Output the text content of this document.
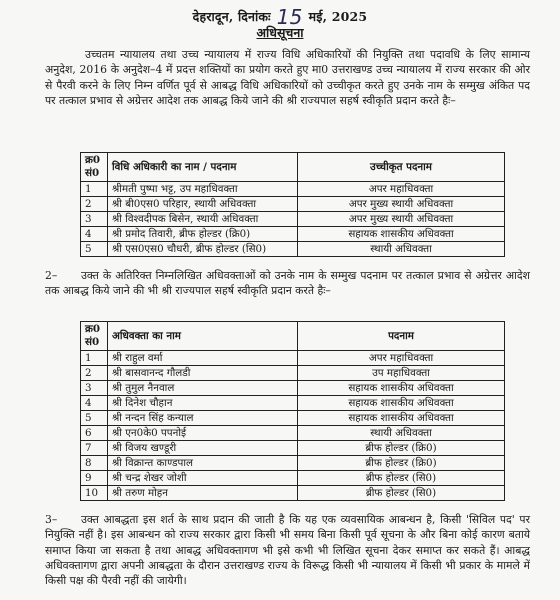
देहरादून, दिनांकः 15 मई, 2025
अधिसूचना
उच्चतम न्यायालय तथा उच्च न्यायालय में राज्य विधि अधिकारियों की नियुक्ति तथा पदावधि के लिए सामान्य अनुदेश, 2016 के अनुदेश–4 में प्रदत्त शक्तियों का प्रयोग करते हुए मा0 उत्तराखण्ड उच्च न्यायालय में राज्य सरकार की ओर से पैरवी करने के लिए निम्न वर्णित पूर्व से आबद्ध विधि अधिकारियों को उच्चीकृत करते हुए उनके नाम के सम्मुख अंकित पद पर तत्काल प्रभाव से अग्रेत्तर आदेश तक आबद्ध किये जाने की श्री राज्यपाल सहर्ष स्वीकृति प्रदान करते हैः–
क्र0 सं0	विधि अधिकारी का नाम / पदनाम	उच्चीकृत पदनाम
1	श्रीमती पुष्पा भट्ट, उप महाधिवक्ता	अपर महाधिवक्ता
2	श्री बी0एस0 परिहार, स्थायी अधिवक्ता	अपर मुख्य स्थायी अधिवक्ता
3	श्री विश्वदीपक बिसेन, स्थायी अधिवक्ता	अपर मुख्य स्थायी अधिवक्ता
4	श्री प्रमोद तिवारी, ब्रीफ होल्डर (क्रि0)	सहायक शासकीय अधिवक्ता
5	श्री एस0एस0 चौधरी, ब्रीफ होल्डर (सि0)	स्थायी अधिवक्ता
2– उक्त के अतिरिक्त निम्नलिखित अधिवक्ताओं को उनके नाम के सम्मुख पदनाम पर तत्काल प्रभाव से अग्रेत्तर आदेश तक आबद्ध किये जाने की भी श्री राज्यपाल सहर्ष स्वीकृति प्रदान करते हैः–
क्र0 सं0	अधिवक्ता का नाम	पदनाम
1	श्री राहुल वर्मा	अपर महाधिवक्ता
2	श्री बासवानन्द गौलडी	उप महाधिवक्ता
3	श्री तुमुल नैनवाल	सहायक शासकीय अधिवक्ता
4	श्री दिनेश चौहान	सहायक शासकीय अधिवक्ता
5	श्री नन्दन सिंह कन्याल	सहायक शासकीय अधिवक्ता
6	श्री एन0के0 पपनोई	स्थायी अधिवक्ता
7	श्री विजय खण्डूरी	ब्रीफ होल्डर (क्रि0)
8	श्री विक्रान्त काण्डपाल	ब्रीफ होल्डर (क्रि0)
9	श्री चन्द्र शेखर जोशी	ब्रीफ होल्डर (सि0)
10	श्री तरुण मोहन	ब्रीफ होल्डर (सि0)
3– उक्त आबद्धता इस शर्त के साथ प्रदान की जाती है कि यह एक व्यवसायिक आबन्धन है, किसी 'सिविल पद' पर नियुक्ति नहीं है। इस आबन्धन को राज्य सरकार द्वारा किसी भी समय बिना किसी पूर्व सूचना के और बिना कोई कारण बताये समाप्त किया जा सकता है तथा आबद्ध अधिवक्तागण भी इसे कभी भी लिखित सूचना देकर समाप्त कर सकते हैं। आबद्ध अधिवक्तागण द्वारा अपनी आबद्धता के दौरान उत्तराखण्ड राज्य के विरूद्ध किसी भी न्यायालय में किसी भी प्रकार के मामले में किसी पक्ष की पैरवी नहीं की जायेगी।
